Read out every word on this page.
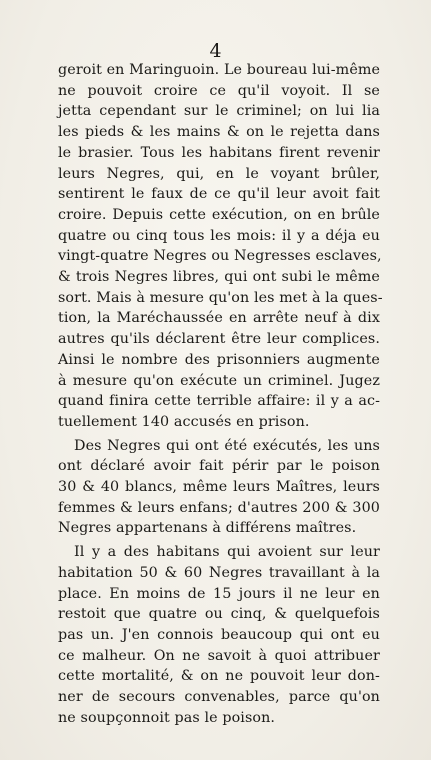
4
geroit en Maringuoin. Le boureau lui-même
ne pouvoit croire ce qu'il voyoit. Il se
jetta cependant sur le criminel; on lui lia
les pieds & les mains & on le rejetta dans
le brasier. Tous les habitans firent revenir
leurs Negres, qui, en le voyant brûler,
sentirent le faux de ce qu'il leur avoit fait
croire. Depuis cette exécution, on en brûle
quatre ou cinq tous les mois: il y a déja eu
vingt-quatre Negres ou Negresses esclaves,
& trois Negres libres, qui ont subi le même
sort. Mais à mesure qu'on les met à la ques-
tion, la Maréchaussée en arrête neuf à dix
autres qu'ils déclarent être leur complices.
Ainsi le nombre des prisonniers augmente
à mesure qu'on exécute un criminel. Jugez
quand finira cette terrible affaire: il y a ac-
tuellement 140 accusés en prison.
Des Negres qui ont été exécutés, les uns
ont déclaré avoir fait périr par le poison
30 & 40 blancs, même leurs Maîtres, leurs
femmes & leurs enfans; d'autres 200 & 300
Negres appartenans à différens maîtres.
Il y a des habitans qui avoient sur leur
habitation 50 & 60 Negres travaillant à la
place. En moins de 15 jours il ne leur en
restoit que quatre ou cinq, & quelquefois
pas un. J'en connois beaucoup qui ont eu
ce malheur. On ne savoit à quoi attribuer
cette mortalité, & on ne pouvoit leur don-
ner de secours convenables, parce qu'on
ne soupçonnoit pas le poison.
